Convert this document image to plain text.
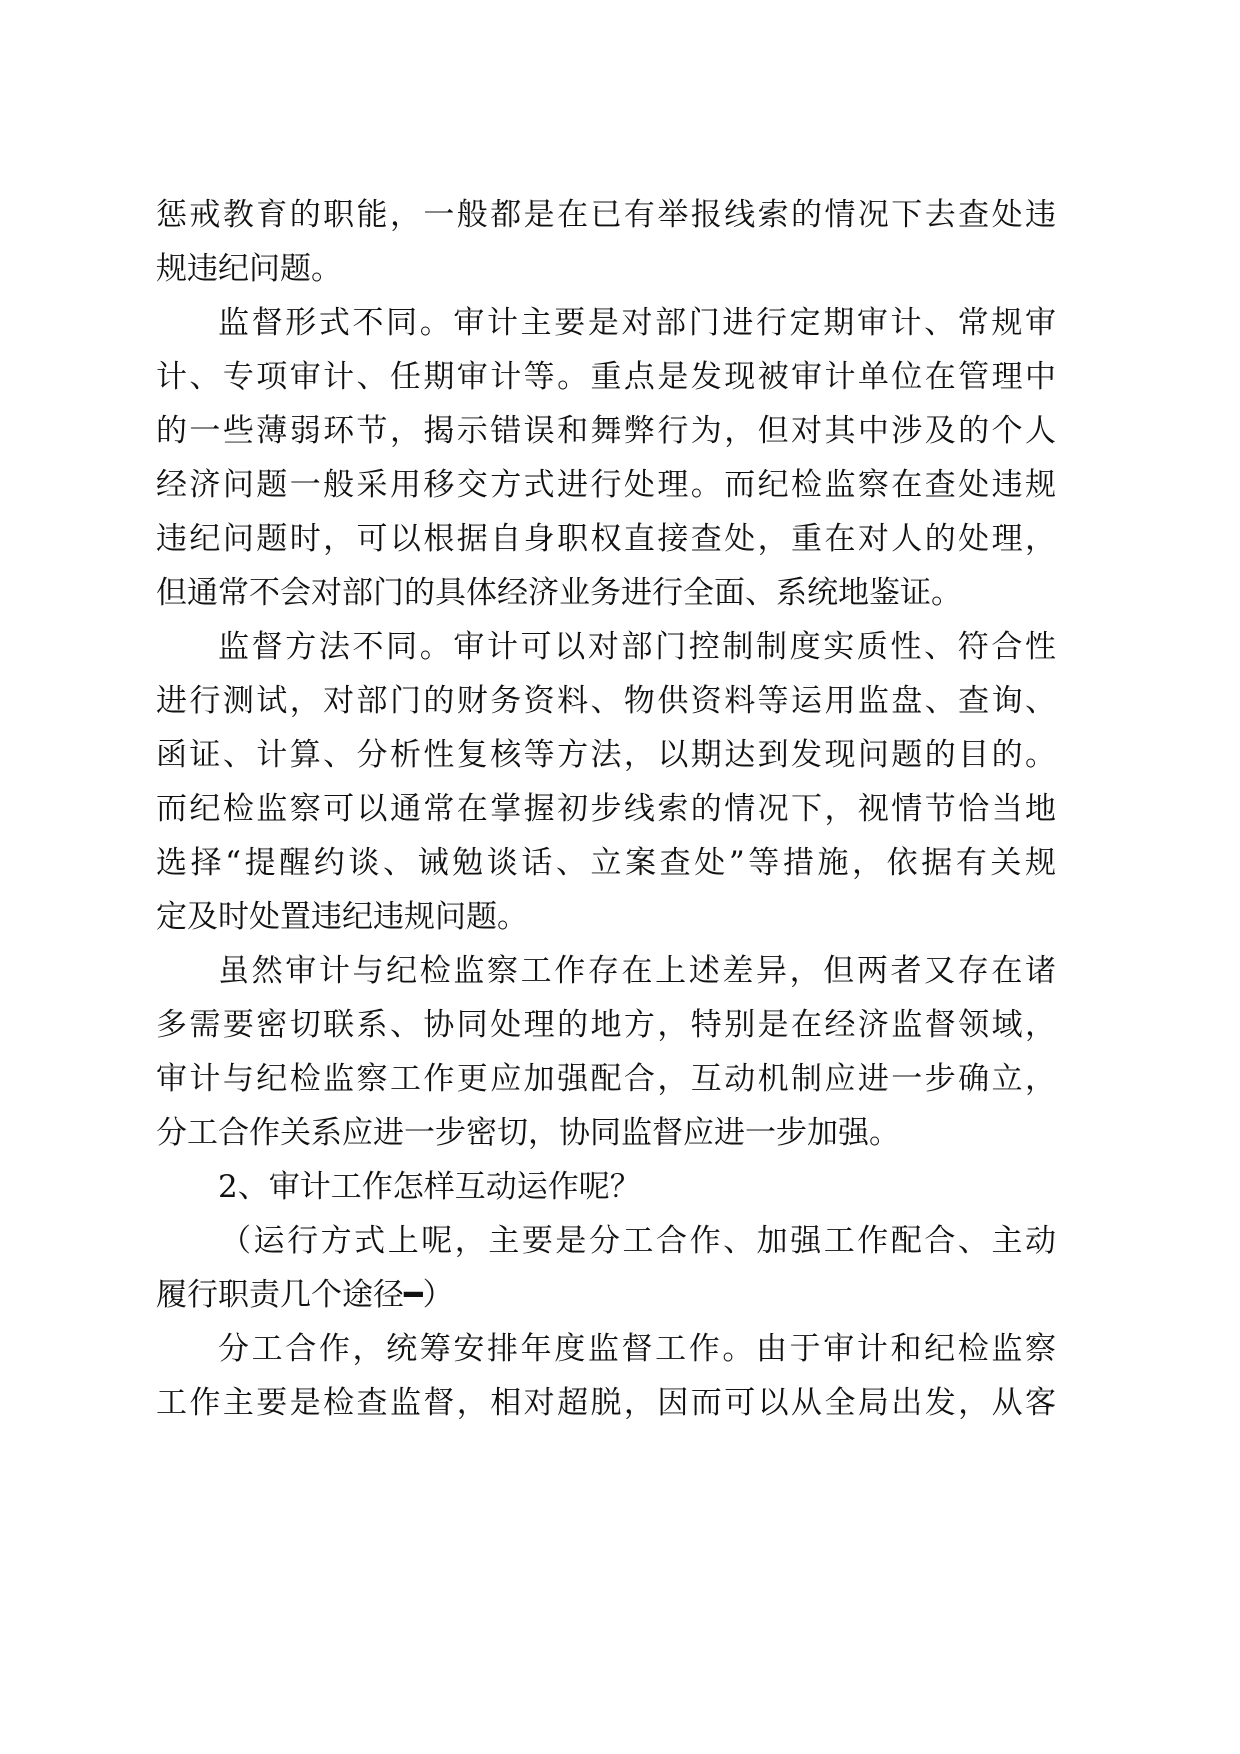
惩戒教育的职能，一般都是在已有举报线索的情况下去查处违
规违纪问题。
监督形式不同。审计主要是对部门进行定期审计、常规审
计、专项审计、任期审计等。重点是发现被审计单位在管理中
的一些薄弱环节，揭示错误和舞弊行为，但对其中涉及的个人
经济问题一般采用移交方式进行处理。而纪检监察在查处违规
违纪问题时，可以根据自身职权直接查处，重在对人的处理，
但通常不会对部门的具体经济业务进行全面、系统地鉴证。
监督方法不同。审计可以对部门控制制度实质性、符合性
进行测试，对部门的财务资料、物供资料等运用监盘、查询、
函证、计算、分析性复核等方法，以期达到发现问题的目的。
而纪检监察可以通常在掌握初步线索的情况下，视情节恰当地
选择“提醒约谈、诫勉谈话、立案查处”等措施，依据有关规
定及时处置违纪违规问题。
虽然审计与纪检监察工作存在上述差异，但两者又存在诸
多需要密切联系、协同处理的地方，特别是在经济监督领域，
审计与纪检监察工作更应加强配合，互动机制应进一步确立，
分工合作关系应进一步密切，协同监督应进一步加强。
2、审计工作怎样互动运作呢？
（运行方式上呢，主要是分工合作、加强工作配合、主动
履行职责几个途径━）
分工合作，统筹安排年度监督工作。由于审计和纪检监察
工作主要是检查监督，相对超脱，因而可以从全局出发，从客
